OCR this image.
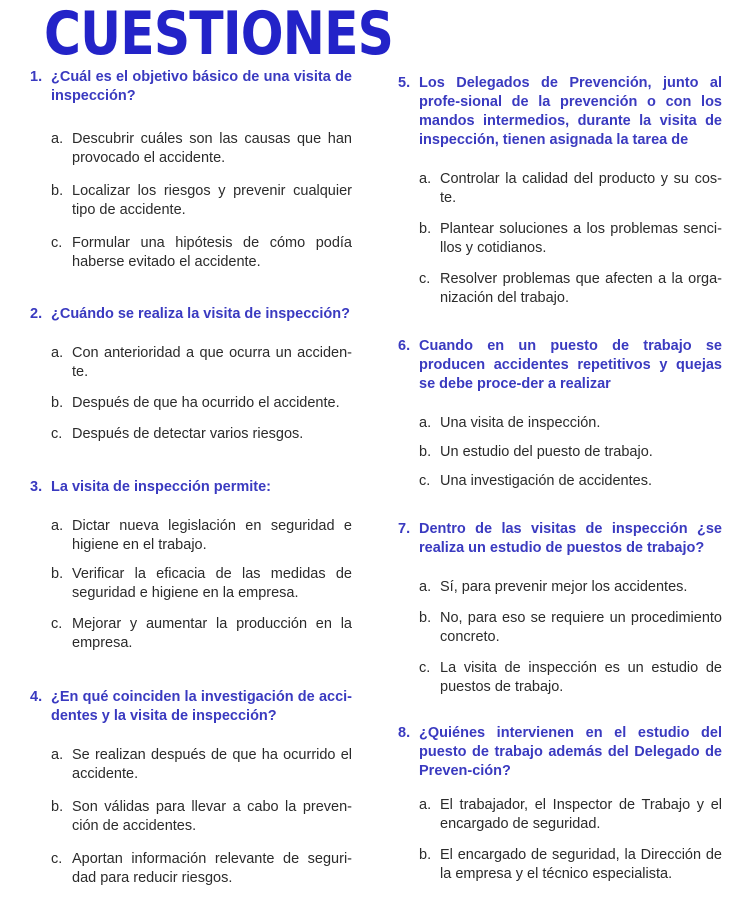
CUESTIONES
1. ¿Cuál es el objetivo básico de una visita de inspección?
a. Descubrir cuáles son las causas que han provocado el accidente.
b. Localizar los riesgos y prevenir cualquier tipo de accidente.
c. Formular una hipótesis de cómo podía haberse evitado el accidente.
2. ¿Cuándo se realiza la visita de inspección?
a. Con anterioridad a que ocurra un acciden-te.
b. Después de que ha ocurrido el accidente.
c. Después de detectar varios riesgos.
3. La visita de inspección permite:
a. Dictar nueva legislación en seguridad e higiene en el trabajo.
b. Verificar la eficacia de las medidas de seguridad e higiene en la empresa.
c. Mejorar y aumentar la producción en la empresa.
4. ¿En qué coinciden la investigación de acci-dentes y la visita de inspección?
a. Se realizan después de que ha ocurrido el accidente.
b. Son válidas para llevar a cabo la preven-ción de accidentes.
c. Aportan información relevante de seguri-dad para reducir riesgos.
5. Los Delegados de Prevención, junto al profe-sional de la prevención o con los mandos intermedios, durante la visita de inspección, tienen asignada la tarea de
a. Controlar la calidad del producto y su cos-te.
b. Plantear soluciones a los problemas senci-llos y cotidianos.
c. Resolver problemas que afecten a la orga-nización del trabajo.
6. Cuando en un puesto de trabajo se producen accidentes repetitivos y quejas se debe proce-der a realizar
a. Una visita de inspección.
b. Un estudio del puesto de trabajo.
c. Una investigación de accidentes.
7. Dentro de las visitas de inspección ¿se realiza un estudio de puestos de trabajo?
a. Sí, para prevenir mejor los accidentes.
b. No, para eso se requiere un procedimiento concreto.
c. La visita de inspección es un estudio de puestos de trabajo.
8. ¿Quiénes intervienen en el estudio del puesto de trabajo además del Delegado de Preven-ción?
a. El trabajador, el Inspector de Trabajo y el encargado de seguridad.
b. El encargado de seguridad, la Dirección de la empresa y el técnico especialista.
